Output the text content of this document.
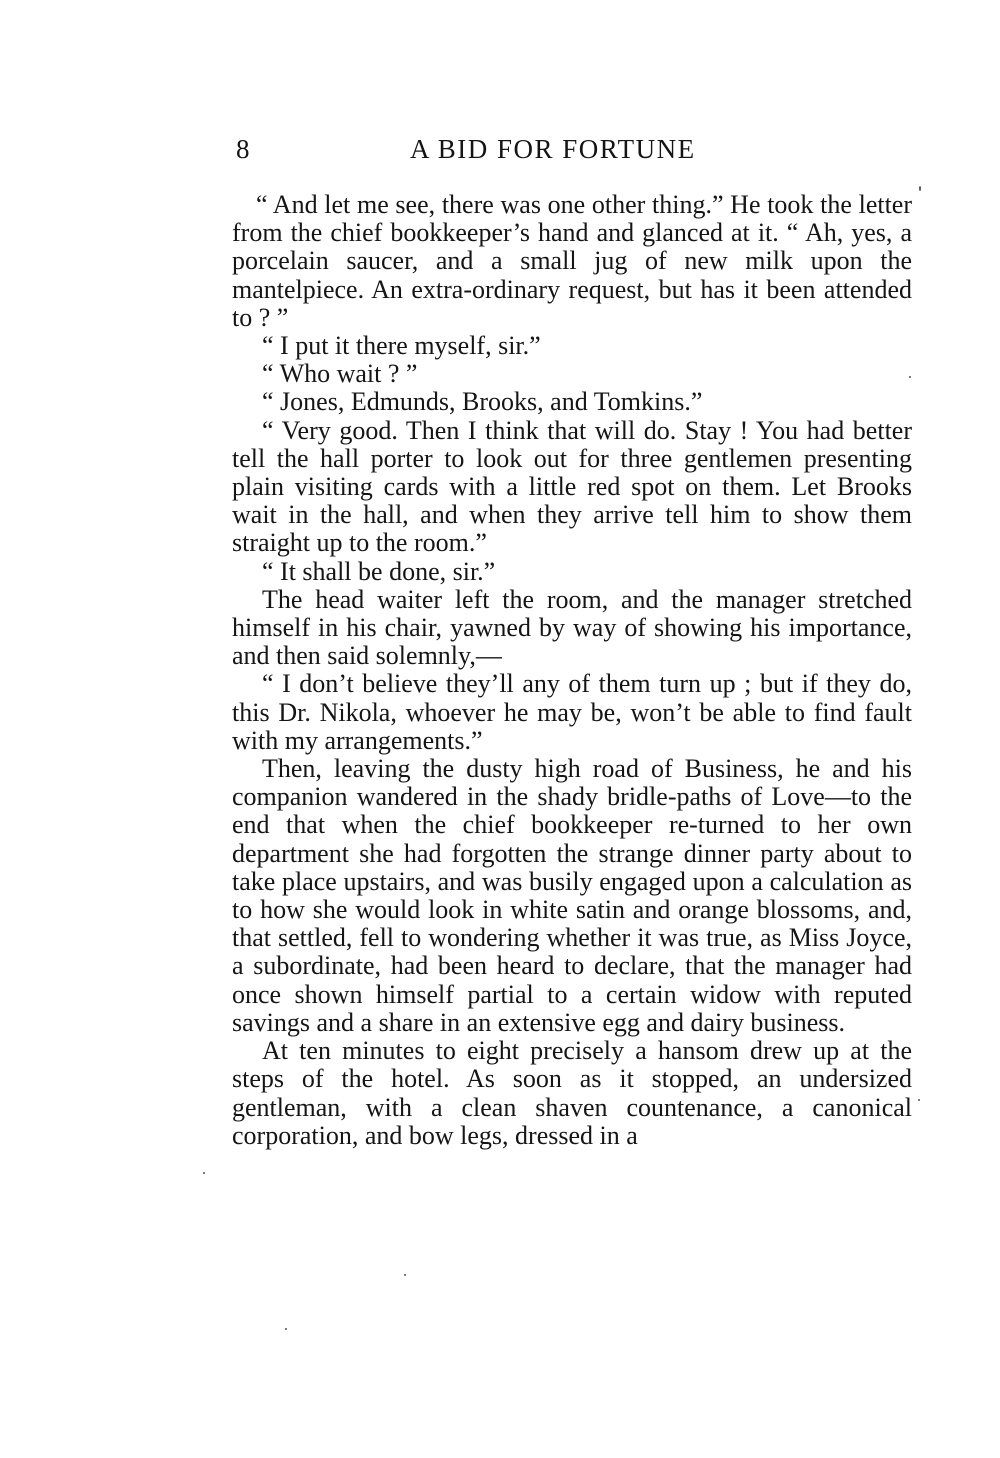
8	A BID FOR FORTUNE

“ And let me see, there was one other thing.” He took the letter from the chief bookkeeper’s hand and glanced at it. “ Ah, yes, a porcelain saucer, and a small jug of new milk upon the mantelpiece. An extra-ordinary request, but has it been attended to ? ”

“ I put it there myself, sir.”

“ Who wait ? ”

“ Jones, Edmunds, Brooks, and Tomkins.”

“ Very good. Then I think that will do. Stay ! You had better tell the hall porter to look out for three gentlemen presenting plain visiting cards with a little red spot on them. Let Brooks wait in the hall, and when they arrive tell him to show them straight up to the room.”

“ It shall be done, sir.”

The head waiter left the room, and the manager stretched himself in his chair, yawned by way of showing his importance, and then said solemnly,—

“ I don’t believe they’ll any of them turn up ; but if they do, this Dr. Nikola, whoever he may be, won’t be able to find fault with my arrangements.”

Then, leaving the dusty high road of Business, he and his companion wandered in the shady bridle-paths of Love—to the end that when the chief bookkeeper re-turned to her own department she had forgotten the strange dinner party about to take place upstairs, and was busily engaged upon a calculation as to how she would look in white satin and orange blossoms, and, that settled, fell to wondering whether it was true, as Miss Joyce, a subordinate, had been heard to declare, that the manager had once shown himself partial to a certain widow with reputed savings and a share in an extensive egg and dairy business.

At ten minutes to eight precisely a hansom drew up at the steps of the hotel. As soon as it stopped, an undersized gentleman, with a clean shaven countenance, a canonical corporation, and bow legs, dressed in a
